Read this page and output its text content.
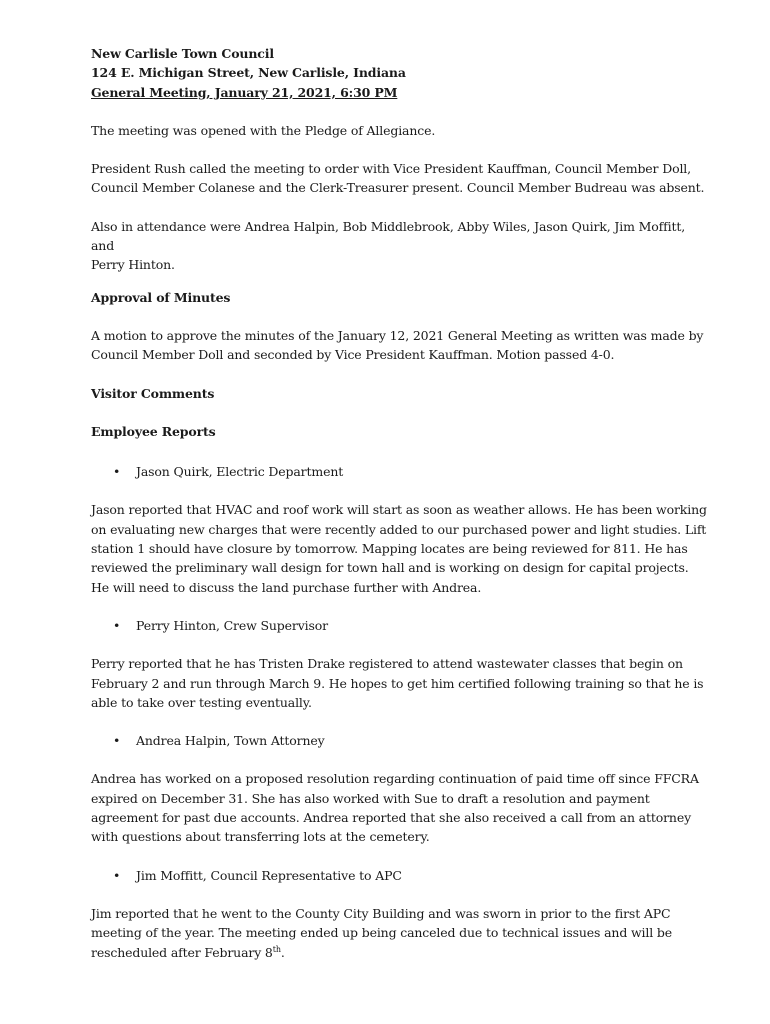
New Carlisle Town Council
124 E. Michigan Street, New Carlisle, Indiana
General Meeting, January 21, 2021, 6:30 PM

The meeting was opened with the Pledge of Allegiance.

President Rush called the meeting to order with Vice President Kauffman, Council Member Doll,
Council Member Colanese and the Clerk-Treasurer present. Council Member Budreau was absent.

Also in attendance were Andrea Halpin, Bob Middlebrook, Abby Wiles, Jason Quirk, Jim Moffitt, and
Perry Hinton.

Approval of Minutes

A motion to approve the minutes of the January 12, 2021 General Meeting as written was made by
Council Member Doll and seconded by Vice President Kauffman. Motion passed 4-0.

Visitor Comments

Employee Reports

• Jason Quirk, Electric Department

Jason reported that HVAC and roof work will start as soon as weather allows. He has been working
on evaluating new charges that were recently added to our purchased power and light studies. Lift
station 1 should have closure by tomorrow. Mapping locates are being reviewed for 811. He has
reviewed the preliminary wall design for town hall and is working on design for capital projects.
He will need to discuss the land purchase further with Andrea.

• Perry Hinton, Crew Supervisor

Perry reported that he has Tristen Drake registered to attend wastewater classes that begin on
February 2 and run through March 9. He hopes to get him certified following training so that he is
able to take over testing eventually.

• Andrea Halpin, Town Attorney

Andrea has worked on a proposed resolution regarding continuation of paid time off since FFCRA
expired on December 31. She has also worked with Sue to draft a resolution and payment
agreement for past due accounts. Andrea reported that she also received a call from an attorney
with questions about transferring lots at the cemetery.

• Jim Moffitt, Council Representative to APC

Jim reported that he went to the County City Building and was sworn in prior to the first APC
meeting of the year. The meeting ended up being canceled due to technical issues and will be
rescheduled after February 8th.
